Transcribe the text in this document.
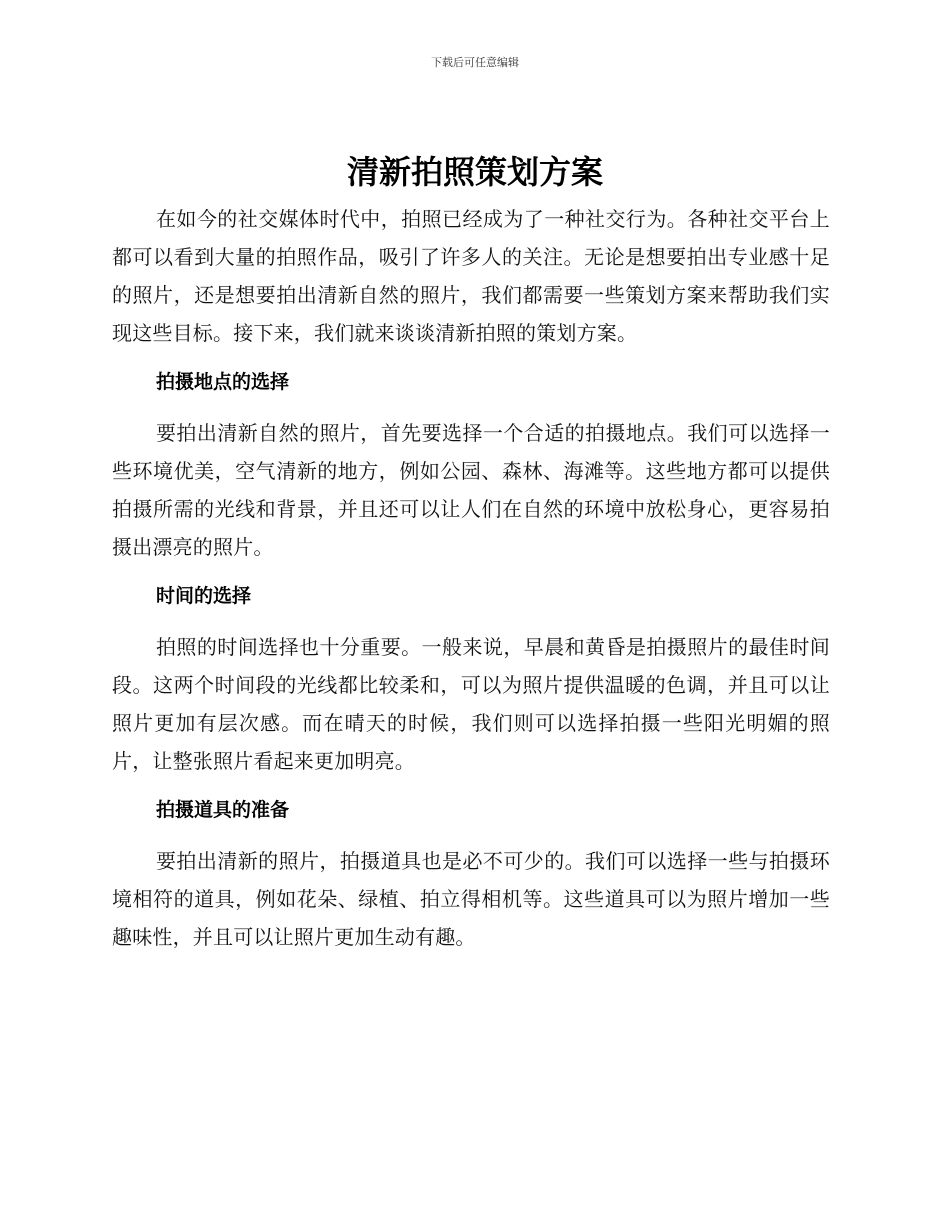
下载后可任意编辑
清新拍照策划方案

在如今的社交媒体时代中，拍照已经成为了一种社交行为。各种社交平台上都可以看到大量的拍照作品，吸引了许多人的关注。无论是想要拍出专业感十足的照片，还是想要拍出清新自然的照片，我们都需要一些策划方案来帮助我们实现这些目标。接下来，我们就来谈谈清新拍照的策划方案。

拍摄地点的选择

要拍出清新自然的照片，首先要选择一个合适的拍摄地点。我们可以选择一些环境优美，空气清新的地方，例如公园、森林、海滩等。这些地方都可以提供拍摄所需的光线和背景，并且还可以让人们在自然的环境中放松身心，更容易拍摄出漂亮的照片。

时间的选择

拍照的时间选择也十分重要。一般来说，早晨和黄昏是拍摄照片的最佳时间段。这两个时间段的光线都比较柔和，可以为照片提供温暖的色调，并且可以让照片更加有层次感。而在晴天的时候，我们则可以选择拍摄一些阳光明媚的照片，让整张照片看起来更加明亮。

拍摄道具的准备

要拍出清新的照片，拍摄道具也是必不可少的。我们可以选择一些与拍摄环境相符的道具，例如花朵、绿植、拍立得相机等。这些道具可以为照片增加一些趣味性，并且可以让照片更加生动有趣。
